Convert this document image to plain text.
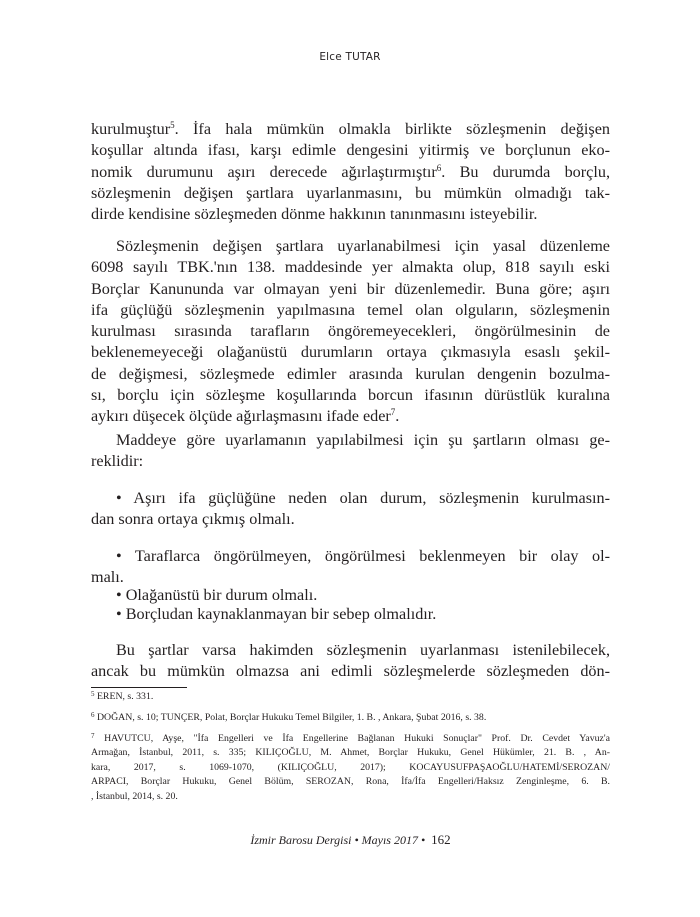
Elce TUTAR
kurulmuştur$^5$. İfa hala mümkün olmakla birlikte sözleşmenin değişen
koşullar altında ifası, karşı edimle dengesini yitirmiş ve borçlunun eko-
nomik durumunu aşırı derecede ağırlaştırmıştır$^6$. Bu durumda borçlu,
sözleşmenin değişen şartlara uyarlanmasını, bu mümkün olmadığı tak-
dirde kendisine sözleşmeden dönme hakkının tanınmasını isteyebilir.
Sözleşmenin değişen şartlara uyarlanabilmesi için yasal düzenleme
6098 sayılı TBK.'nın 138. maddesinde yer almakta olup, 818 sayılı eski
Borçlar Kanununda var olmayan yeni bir düzenlemedir. Buna göre; aşırı
ifa güçlüğü sözleşmenin yapılmasına temel olan olguların, sözleşmenin
kurulması sırasında tarafların öngöremeyecekleri, öngörülmesinin de
beklenemeyeceği olağanüstü durumların ortaya çıkmasıyla esaslı şekil-
de değişmesi, sözleşmede edimler arasında kurulan dengenin bozulma-
sı, borçlu için sözleşme koşullarında borcun ifasının dürüstlük kuralına
aykırı düşecek ölçüde ağırlaşmasını ifade eder$^7$.
Maddeye göre uyarlamanın yapılabilmesi için şu şartların olması ge-
reklidir:
• Aşırı ifa güçlüğüne neden olan durum, sözleşmenin kurulmasın-
dan sonra ortaya çıkmış olmalı.
• Taraflarca öngörülmeyen, öngörülmesi beklenmeyen bir olay ol-
malı.
• Olağanüstü bir durum olmalı.
• Borçludan kaynaklanmayan bir sebep olmalıdır.
Bu şartlar varsa hakimden sözleşmenin uyarlanması istenilebilecek,
ancak bu mümkün olmazsa ani edimli sözleşmelerde sözleşmeden dön-
$^5$ EREN, s. 331.
$^6$ DOĞAN, s. 10; TUNÇER, Polat, Borçlar Hukuku Temel Bilgiler, 1. B. , Ankara, Şubat 2016, s. 38.
$^7$ HAVUTCU, Ayşe, "İfa Engelleri ve İfa Engellerine Bağlanan Hukuki Sonuçlar" Prof. Dr. Cevdet Yavuz'a
Armağan, İstanbul, 2011, s. 335; KILIÇOĞLU, M. Ahmet, Borçlar Hukuku, Genel Hükümler, 21. B. , An-
kara, 2017, s. 1069-1070, (KILIÇOĞLU, 2017); KOCAYUSUFPAŞAOĞLU/HATEMİ/SEROZAN/
ARPACI, Borçlar Hukuku, Genel Bölüm, SEROZAN, Rona, İfa/İfa Engelleri/Haksız Zenginleşme, 6. B.
, İstanbul, 2014, s. 20.
İzmir Barosu Dergisi • Mayıs 2017 • 162
